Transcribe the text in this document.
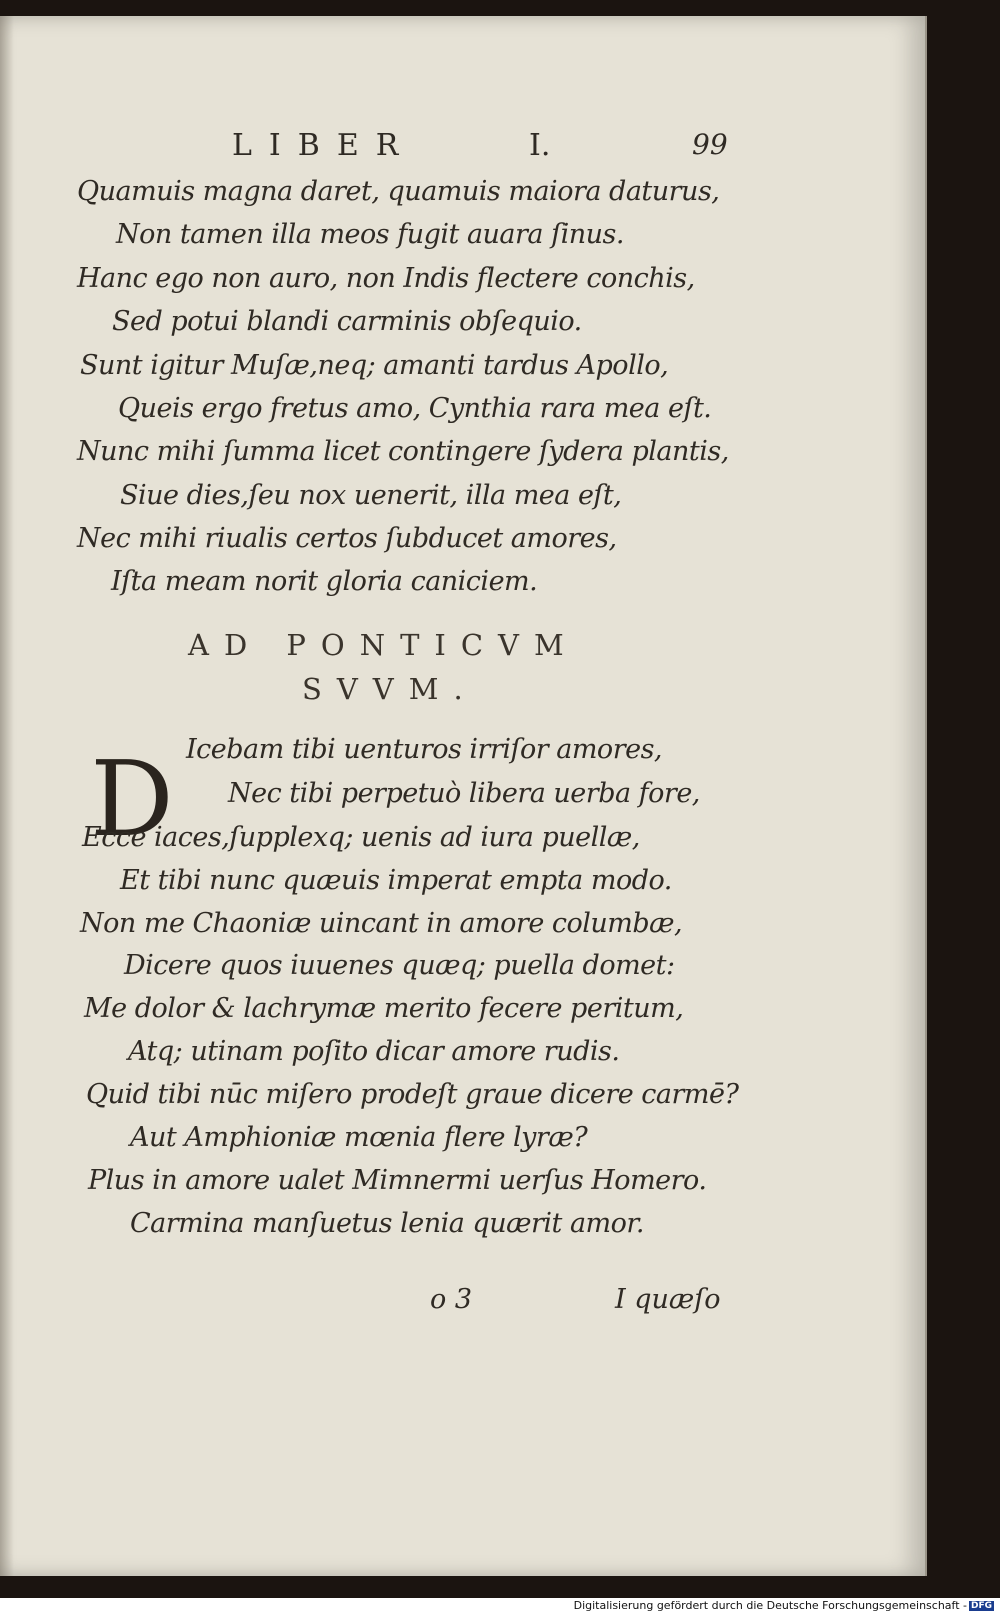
LIBER	I.	99
Quamuis magna daret, quamuis maiora daturus,
Non tamen illa meos fugit auara ſinus.
Hanc ego non auro, non Indis flectere conchis,
Sed potui blandi carminis obſequio.
Sunt igitur Muſæ,neq; amanti tardus Apollo,
Queis ergo fretus amo, Cynthia rara mea eſt.
Nunc mihi ſumma licet contingere ſydera plantis,
Siue dies,ſeu nox uenerit, illa mea eſt,
Nec mihi riualis certos ſubducet amores,
Iſta meam norit gloria caniciem.
AD PONTICVM
SVVM.
D Icebam tibi uenturos irriſor amores,
Nec tibi perpetuò libera uerba fore,
Ecce iaces,ſupplexq; uenis ad iura puellæ,
Et tibi nunc quæuis imperat empta modo.
Non me Chaoniæ uincant in amore columbæ,
Dicere quos iuuenes quæq; puella domet:
Me dolor & lachrymæ merito fecere peritum,
Atq; utinam poſito dicar amore rudis.
Quid tibi nūc miſero prodeſt graue dicere carmē?
Aut Amphioniæ mœnia flere lyræ?
Plus in amore ualet Mimnermi uerſus Homero.
Carmina manſuetus lenia quærit amor.
o 3	I quæſo
Digitalisierung gefördert durch die Deutsche Forschungsgemeinschaft - DFG
